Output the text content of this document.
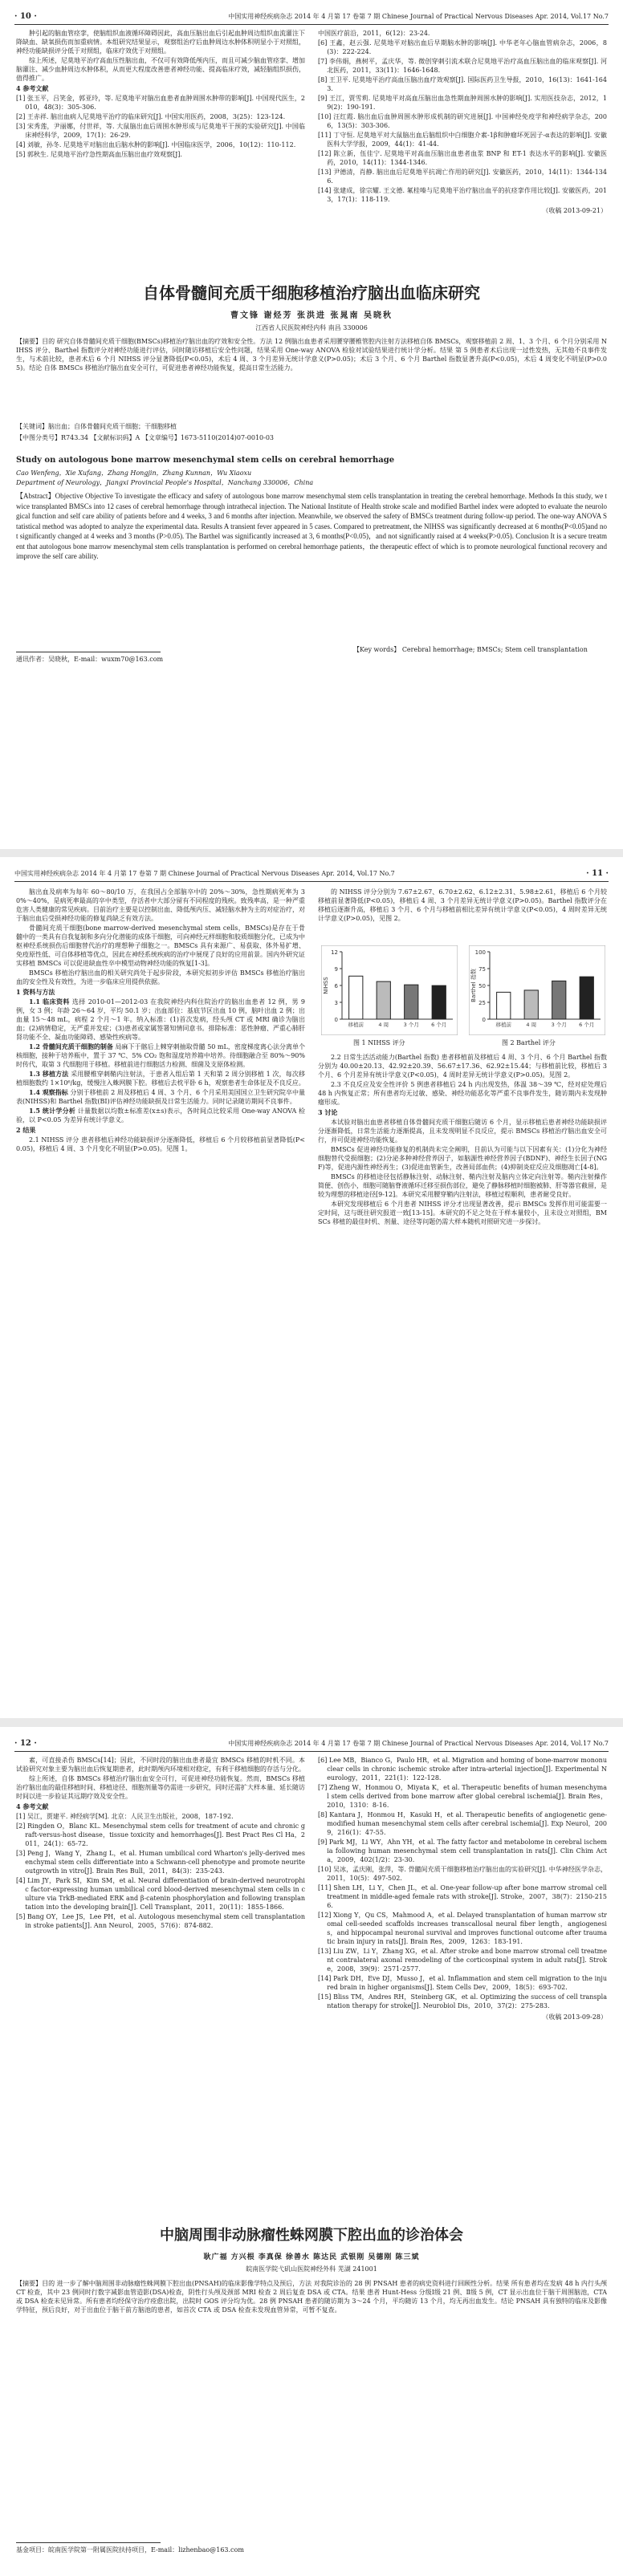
· 10 ·	中国实用神经疾病杂志 2014 年 4 月第 17 卷第 7 期 Chinese Journal of Practical Nervous Diseases Apr. 2014, Vol.17 No.7
肿引起的脑血管痉挛，使脑组织血液循环障碍因此，高血压脑出血后引起血肿周边组织血流灌注下降缺血、缺氧损伤而加重病情。本组研究结果显示，观察组治疗后血肿周边水肿体积明显小于对照组，神经功能缺损评分低于对照组，临床疗效优于对照组。
综上所述，尼莫地平治疗高血压性脑出血，不仅可有效降低颅内压，而且可减少脑血管痉挛、增加脑灌注、减少血肿周边水肿体积，从而更大程度改善患者神经功能、提高临床疗效，减轻脑组织损伤，值得推广。
4 参考文献
[1] 张玉平，吕笑金，郭亚玲，等. 尼莫地平对脑出血患者血肿周围水肿带的影响[J]. 中国现代医生，2010，48(3)：305-306.
[2] 王赤祥. 脑出血病人尼莫地平治疗的临床研究[J]. 中国实用医药，2008，3(25)：123-124.
[3] 宋秀莲，尹丽娜，付世祥，等. 大鼠脑出血后周围水肿形成与尼莫地平干预的实验研究[J]. 中国临床神经科学，2009，17(1)：26-29.
[4] 刘敏，孙冬. 尼莫地平对脑出血后脑水肿的影响[J]. 中国临床医学，2006，10(12)：110-112.
[5] 郭秋生. 尼莫地平治疗急性期高血压脑出血疗效观察[J].
中国医疗前沿，2011，6(12)：23-24.
[6] 王鑫，赵云强. 尼莫地平对脑出血后早期脑水肿的影响[J]. 中华老年心脑血管病杂志，2006，8(3)：222-224.
[7] 李伟娟，燕树平，孟庆华，等. 微创穿刺引流术联合尼莫地平治疗高血压脑出血的临床观察[J]. 河北医药，2011，33(11)：1646-1648.
[8] 王卫平. 尼莫地平治疗高血压脑出血疗效观察[J]. 国际医药卫生导报，2010，16(13)：1641-1643.
[9] 王江，贾雪莉. 尼莫地平对高血压脑出血急性期血肿周围水肿的影响[J]. 实用医技杂志，2012，19(2)：190-191.
[10] 汪红霞. 脑出血后血肿周围水肿形成机制的研究进展[J]. 中国神经免疫学和神经病学杂志，2006，13(5)：303-306.
[11] 丁守恒. 尼莫地平对大鼠脑出血后脑组织中白细胞介素-1β和肿瘤坏死因子-α表达的影响[J]. 安徽医科大学学报，2009，44(1)：41-44.
[12] 陈立新，伍佳宁. 尼莫地平对高血压脑出血患者血浆 BNP 和 ET-1 表达水平的影响[J]. 安徽医药，2010，14(11)：1344-1346.
[13] 尹德清，肖静. 脑出血后尼莫地平抗凋亡作用的研究[J]. 安徽医药，2010，14(11)：1344-1346.
[14] 张建成，徐宗耀. 王文德. 氟桂嗪与尼莫地平治疗脑出血平的抗痉挛作用比较[J]. 安徽医药，2013，17(1)：118-119.
（收稿 2013-09-21）
自体骨髓间充质干细胞移植治疗脑出血临床研究
曹文锋 谢烃芳 张洪进 张晁南 吴晓秋
江西省人民医院神经内科 南昌 330006
【摘要】目的 研究自体骨髓间充质干细胞(BMSCs)移植治疗脑出血的疗效和安全性。方法 12 例脑出血患者采用腰穿腰椎管腔内注射方法移植自体 BMSCs，观察移植前 2 周、1、3 个月、6 个月分别采用 NIHSS 评分、Barthel 指数评分对神经功能进行评估，同时随访移植后安全性问题，结果采用 One-way ANOVA 检验对试验结果进行统计学分析。结果 第 5 例患者术后出现一过性发热，无其他不良事件发生，与术前比较，患者术后 6 个月 NIHSS 评分显著降低(P<0.05)，术后 4 周、3 个月差异无统计学意义(P>0.05)；术后 3 个月、6 个月 Barthel 指数显著升高(P<0.05)，术后 4 周变化不明显(P>0.05)。结论 自体 BMSCs 移植治疗脑出血安全可行，可促进患者神经功能恢复，提高日常生活能力。
【关键词】脑出血；自体骨髓间充质干细胞；干细胞移植
【中图分类号】R743.34 【文献标识码】A 【文章编号】1673-5110(2014)07-0010-03
Study on autologous bone marrow mesenchymal stem cells on cerebral hemorrhage
Cao Wenfeng，Xie Xufang，Zhang Hongjin，Zhang Kunnan，Wu Xiaoxu
Department of Neurology，Jiangxi Provincial People's Hospital，Nanchang 330006，China
【Abstract】Objective Objective To investigate the efficacy and safety of autologous bone marrow mesenchymal stem cells transplantation in treating the cerebral hemorrhage. Methods In this study, we twice transplanted BMSCs into 12 cases of cerebral hemorrhage through intrathecal injection. The National Institute of Health stroke scale and modified Barthel index were adopted to evaluate the neurological function and self care ability of patients before and 4 weeks, 3 and 6 months after injection. Meanwhile, we observed the safety of BMSCs treatment during follow-up period. The one-way ANOVA Statistical method was adopted to analyze the experimental data. Results A transient fever appeared in 5 cases. Compared to pretreatment, the NIHSS was significantly decreased at 6 months(P<0.05)and not significantly changed at 4 weeks and 3 months (P>0.05). The Barthel was significantly increased at 3, 6 months(P<0.05)，and not significantly raised at 4 weeks(P>0.05). Conclusion It is a secure treatment that autologous bone marrow mesenchymal stem cells transplantation is performed on cerebral hemorrhage patients，the therapeutic effect of which is to promote neurological functional recovery and improve the self care ability.
通讯作者：吴晓秋，E-mail：wuxm70@163.com
【Key words】 Cerebral hemorrhage; BMSCs; Stem cell transplantation
中国实用神经疾病杂志 2014 年 4 月第 17 卷第 7 期 Chinese Journal of Practical Nervous Diseases Apr. 2014, Vol.17 No.7	· 11 ·
脑出血及病率为每年 60～80/10 万，在我国占全部脑卒中的 20%～30%，急性期病死率为 30%～40%，是病死率最高的卒中类型，存活者中大部分留有不同程度的残疾。致残率高，是一种严重危害人类健康的常见疾病。目前治疗主要是以控制出血、降低颅内压、减轻脑水肿为主的对症治疗，对于脑出血后受损神经功能的修复尚缺乏有效方法。
骨髓间充质干细胞(bone marrow-derived mesenchymal stem cells，BMSCs)是存在于骨髓中的一类具有自我复制和多向分化潜能的成体干细胞，可向神经元样细胞和胶质细胞分化，已成为中枢神经系统损伤后细胞替代治疗的理想种子细胞之一。BMSCs 具有来源广、易获取、体外易扩增、免疫原性低、可自体移植等优点，因此在神经系统疾病的治疗中展现了良好的应用前景。国内外研究证实移植 BMSCs 可以促进缺血性卒中模型动物神经功能的恢复[1-3]。
BMSCs 移植治疗脑出血的相关研究尚处于起步阶段，本研究拟初步评估 BMSCs 移植治疗脑出血的安全性及有效性，为进一步临床应用提供依据。
1 资料与方法
1.1 临床资料 选择 2010-01—2012-03 在我院神经内科住院治疗的脑出血患者 12 例，男 9 例，女 3 例；年龄 26～64 岁，平均 50.1 岁；出血部位：基底节区出血 10 例，脑叶出血 2 例；出血量 15～48 mL，病程 2 个月～1 年。纳入标准：(1)首次发病，经头颅 CT 或 MRI 确诊为脑出血；(2)病情稳定，无严重并发症；(3)患者或家属签署知情同意书。排除标准：恶性肿瘤、严重心肺肝肾功能不全、凝血功能障碍、感染性疾病等。
1.2 骨髓间充质干细胞的制备 局麻下于髂后上棘穿刺抽取骨髓 50 mL，密度梯度离心法分离单个核细胞，接种于培养瓶中，置于 37 ℃、5% CO₂ 饱和湿度培养箱中培养。待细胞融合至 80%～90% 时传代，取第 3 代细胞用于移植。移植前进行细胞活力检测、细菌及支原体检测。
1.3 移植方法 采用腰椎穿刺鞘内注射法，于患者入组后第 1 天和第 2 周分别移植 1 次，每次移植细胞数约 1×10⁶/kg，缓慢注入蛛网膜下腔。移植后去枕平卧 6 h，观察患者生命体征及不良反应。
1.4 观察指标 分别于移植前 2 周及移植后 4 周、3 个月、6 个月采用美国国立卫生研究院卒中量表(NIHSS)和 Barthel 指数(BI)评估神经功能缺损及日常生活能力。同时记录随访期间不良事件。
1.5 统计学分析 计量数据以均数±标准差(x±s)表示，各时间点比较采用 One-way ANOVA 检验，以 P<0.05 为差异有统计学意义。
2 结果
2.1 NIHSS 评分 患者移植后神经功能缺损评分逐渐降低，移植后 6 个月较移植前显著降低(P<0.05)，移植后 4 周、3 个月变化不明显(P>0.05)。见图 1。
的 NIHSS 评分分别为 7.67±2.67、6.70±2.62、6.12±2.31、5.98±2.61，移植后 6 个月较移植前显著降低(P<0.05)，移植后 4 周、3 个月差异无统计学意义(P>0.05)。Barthel 指数评分在移植后逐渐升高，移植后 3 个月、6 个月与移植前相比差异有统计学意义(P<0.05)，4 周时差异无统计学意义(P>0.05)，见图 2。
0
3
6
9
12
移植前	4 周	3 个月 6 个月
NIHSS
0
25
50
75
100
移植前	4 周	3 个月 6 个月
Barthel 指数
图 1 NIHSS 评分	图 2 Barthel 评分
2.2 日常生活活动能力(Barthel 指数) 患者移植前及移植后 4 周、3 个月、6 个月 Barthel 指数分别为 40.00±20.13、42.92±20.39、56.67±17.36、62.92±15.44；与移植前比较，移植后 3 个月、6 个月差异有统计学意义(P<0.05)，4 周时差异无统计学意义(P>0.05)。见图 2。
2.3 不良反应及安全性评价 5 例患者移植后 24 h 内出现发热，体温 38～39 ℃，经对症处理后 48 h 内恢复正常；所有患者均无过敏、感染、神经功能恶化等严重不良事件发生，随访期内未发现肿瘤形成。
3 讨论
本试验对脑出血患者移植自体骨髓间充质干细胞后随访 6 个月，显示移植后患者神经功能缺损评分逐渐降低，日常生活能力逐渐提高，且未发现明显不良反应，提示 BMSCs 移植治疗脑出血安全可行，并可促进神经功能恢复。
BMSCs 促进神经功能修复的机制尚未完全阐明，目前认为可能与以下因素有关：(1)分化为神经细胞替代受损细胞；(2)分泌多种神经营养因子，如脑源性神经营养因子(BDNF)、神经生长因子(NGF)等，促进内源性神经再生；(3)促进血管新生，改善局部血供；(4)抑制炎症反应及细胞凋亡[4-8]。
BMSCs 的移植途径包括静脉注射、动脉注射、鞘内注射及脑内立体定向注射等。鞘内注射操作简便、创伤小，细胞可随脑脊液循环迁移至损伤部位，避免了静脉移植时细胞被肺、肝等器官截留，是较为理想的移植途径[9-12]。本研究采用腰穿鞘内注射法，移植过程顺利，患者耐受良好。
本研究发现移植后 6 个月患者 NIHSS 评分才出现显著改善，提示 BMSCs 发挥作用可能需要一定时间，这与既往研究报道一致[13-15]。本研究的不足之处在于样本量较小，且未设立对照组，BMSCs 移植的最佳时机、剂量、途径等问题仍需大样本随机对照研究进一步探讨。
· 12 ·	中国实用神经疾病杂志 2014 年 4 月第 17 卷第 7 期 Chinese Journal of Practical Nervous Diseases Apr. 2014, Vol.17 No.7
素，可直接杀伤 BMSCs[14]；因此，不同时段的脑出血患者最宜 BMSCs 移植的时机不同。本试验研究对象主要为脑出血后恢复期患者，此时期颅内环境相对稳定，有利于移植细胞的存活与分化。
综上所述，自体 BMSCs 移植治疗脑出血安全可行，可促进神经功能恢复。然而，BMSCs 移植治疗脑出血的最佳移植时间、移植途径、细胞剂量等仍需进一步研究，同时还需扩大样本量、延长随访时间以进一步验证其远期疗效及安全性。
4 参考文献
[1] 吴江，贾建平. 神经病学[M]. 北京：人民卫生出版社，2008，187-192.
[2] Ringden O，Blanc KL. Mesenchymal stem cells for treatment of acute and chronic graft-versus-host disease，tissue toxicity and hemorrhages[J]. Best Pract Res Cl Ha，2011，24(1)：65-72.
[3] Peng J，Wang Y，Zhang L，et al. Human umbilical cord Wharton's jelly-derived mesenchymal stem cells differentiate into a Schwann-cell phenotype and promote neurite outgrowth in vitro[J]. Brain Res Bull，2011，84(3)：235-243.
[4] Lim JY，Park SI，Kim SM，et al. Neural differentiation of brain-derived neurotrophic factor-expressing human umbilical cord blood-derived mesenchymal stem cells in culture via TrkB-mediated ERK and β-catenin phosphorylation and following transplantation into the developing brain[J]. Cell Transplant，2011，20(11)：1855-1866.
[5] Bang OY，Lee JS，Lee PH，et al. Autologous mesenchymal stem cell transplantation in stroke patients[J]. Ann Neurol，2005，57(6)：874-882.
[6] Lee MB，Bianco G，Paulo HR，et al. Migration and homing of bone-marrow mononuclear cells in chronic ischemic stroke after intra-arterial injection[J]. Experimental Neurology，2011，221(1)：122-128.
[7] Zheng W，Honmou O，Miyata K，et al. Therapeutic benefits of human mesenchymal stem cells derived from bone marrow after global cerebral ischemia[J]. Brain Res，2010，1310：8-16.
[8] Kantara J，Honmou H，Kasuki H，et al. Therapeutic benefits of angiogenetic gene-modified human mesenchymal stem cells after cerebral ischemia[J]. Exp Neurol，2009，216(1)：47-55.
[9] Park MJ，Li WY，Ahn YH，et al. The fatty factor and metabolome in cerebral ischemia following human mesenchymal stem cell transplantation in rats[J]. Clin Chim Acta，2009，402(1/2)：23-30.
[10] 吴冰，孟庆刚，张萍，等. 骨髓间充质干细胞移植治疗脑出血的实验研究[J]. 中华神经医学杂志，2011，10(5)：497-502.
[11] Shen LH，Li Y，Chen JL，et al. One-year follow-up after bone marrow stromal cell treatment in middle-aged female rats with stroke[J]. Stroke，2007，38(7)：2150-2156.
[12] Xiong Y，Qu CS，Mahmood A，et al. Delayed transplantation of human marrow stromal cell-seeded scaffolds increases transcallosal neural fiber length，angiogenesis，and hippocampal neuronal survival and improves functional outcome after traumatic brain injury in rats[J]. Brain Res，2009，1263：183-191.
[13] Liu ZW，Li Y，Zhang XG，et al. After stroke and bone marrow stromal cell treatment contralateral axonal remodeling of the corticospinal system in adult rats[J]. Stroke，2008，39(9)：2571-2577.
[14] Park DH，Eve DJ，Musso J，et al. Inflammation and stem cell migration to the injured brain in higher organisms[J]. Stem Cells Dev，2009，18(5)：693-702.
[15] Bliss TM，Andres RH，Steinberg GK，et al. Optimizing the success of cell transplantation therapy for stroke[J]. Neurobiol Dis，2010，37(2)：275-283.
（收稿 2013-09-28）
中脑周围非动脉瘤性蛛网膜下腔出血的诊治体会
耿广福 方兴根 李真保 徐善水 陈达民 武银刚 吴德刚 陈三斌
皖南医学院弋矶山医院神经外科 芜湖 241001
【摘要】目的 进一步了解中脑周围非动脉瘤性蛛网膜下腔出血(PNSAH)的临床影像学特点及预后，方法 对我院诊治的 28 例 PNSAH 患者的病史资料进行回顾性分析。结果 所有患者均在发病 48 h 内行头颅 CT 检查，其中 23 例同时行数字减影血管造影(DSA)检查，阴性行头颅及颈部 MRI 检查 2 周后复查 DSA 或 CTA。结果 患者 Hunt-Hess 分级Ⅰ级 21 例、Ⅱ级 5 例，CT 显示出血位于脑干周围脑池，CTA 或 DSA 检查未见异常。所有患者均经保守治疗痊愈出院，出院时 GOS 评分均为优。28 例 PNSAH 患者的随访期为 3～24 个月，平均随访 13 个月，均无再出血发生。结论 PNSAH 具有独特的临床及影像学特征，预后良好，对于出血位于脑干前方脑池的患者，如首次 CTA 或 DSA 检查未发现血管异常，可暂不复查。
基金项目：皖南医学院第一附属医院扶持项目，E-mail：lizhenbao@163.com
